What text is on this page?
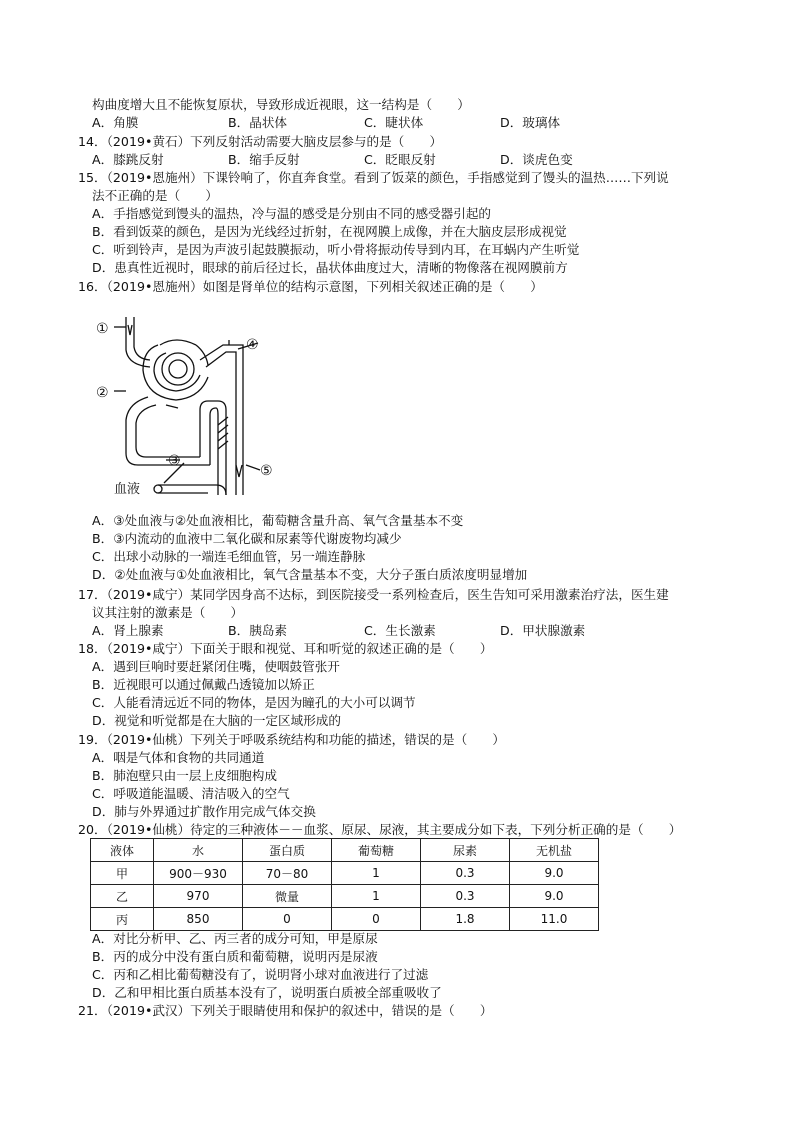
构曲度增大且不能恢复原状，导致形成近视眼，这一结构是（　　）
A．角膜	B．晶状体	C．睫状体	D．玻璃体
14．（2019•黄石）下列反射活动需要大脑皮层参与的是（　　）
A．膝跳反射	B．缩手反射	C．眨眼反射	D．谈虎色变
15．（2019•恩施州）下课铃响了，你直奔食堂。看到了饭菜的颜色，手指感觉到了馒头的温热……下列说
法不正确的是（　　）
A．手指感觉到馒头的温热，冷与温的感受是分别由不同的感受器引起的
B．看到饭菜的颜色，是因为光线经过折射，在视网膜上成像，并在大脑皮层形成视觉
C．听到铃声，是因为声波引起鼓膜振动，听小骨将振动传导到内耳，在耳蜗内产生听觉
D．患真性近视时，眼球的前后径过长，晶状体曲度过大，清晰的物像落在视网膜前方
16．（2019•恩施州）如图是肾单位的结构示意图，下列相关叙述正确的是（　　）
①
②
③
④
⑤
血液
A．③处血液与②处血液相比，葡萄糖含量升高、氧气含量基本不变
B．③内流动的血液中二氧化碳和尿素等代谢废物均减少
C．出球小动脉的一端连毛细血管，另一端连静脉
D．②处血液与①处血液相比，氧气含量基本不变，大分子蛋白质浓度明显增加
17．（2019•咸宁）某同学因身高不达标，到医院接受一系列检查后，医生告知可采用激素治疗法，医生建
议其注射的激素是（　　）
A．肾上腺素	B．胰岛素	C．生长激素	D．甲状腺激素
18．（2019•咸宁）下面关于眼和视觉、耳和听觉的叙述正确的是（　　）
A．遇到巨响时要赶紧闭住嘴，使咽鼓管张开
B．近视眼可以通过佩戴凸透镜加以矫正
C．人能看清远近不同的物体，是因为瞳孔的大小可以调节
D．视觉和听觉都是在大脑的一定区域形成的
19．（2019•仙桃）下列关于呼吸系统结构和功能的描述，错误的是（　　）
A．咽是气体和食物的共同通道
B．肺泡壁只由一层上皮细胞构成
C．呼吸道能温暖、清洁吸入的空气
D．肺与外界通过扩散作用完成气体交换
20．（2019•仙桃）待定的三种液体－－血浆、原尿、尿液，其主要成分如下表，下列分析正确的是（　　）
液体	水	蛋白质	葡萄糖	尿素	无机盐
甲	900－930	70－80	1	0.3	9.0
乙	970	微量	1	0.3	9.0
丙	850	0	0	1.8	11.0
A．对比分析甲、乙、丙三者的成分可知，甲是原尿
B．丙的成分中没有蛋白质和葡萄糖，说明丙是尿液
C．丙和乙相比葡萄糖没有了，说明肾小球对血液进行了过滤
D．乙和甲相比蛋白质基本没有了，说明蛋白质被全部重吸收了
21．（2019•武汉）下列关于眼睛使用和保护的叙述中，错误的是（　　）
